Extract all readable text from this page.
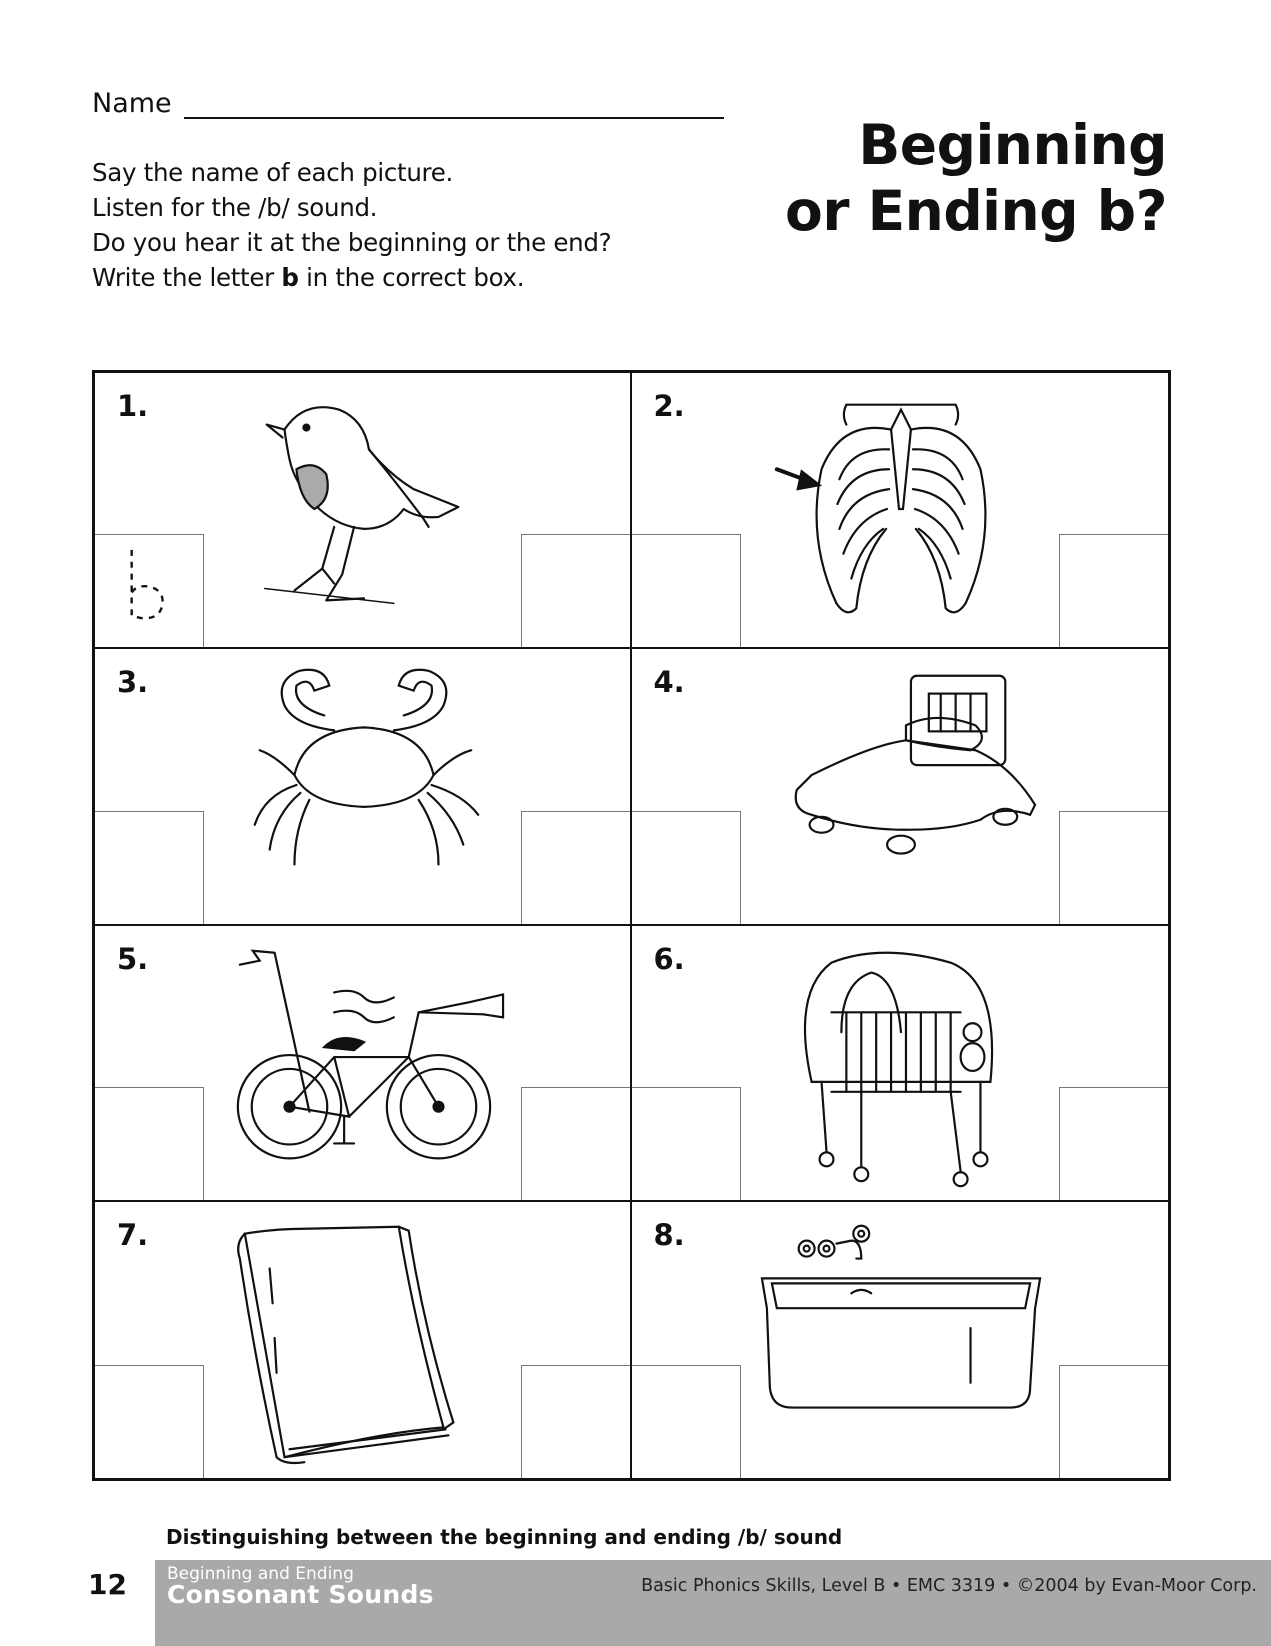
Name
Beginning
or Ending b?
Say the name of each picture.
Listen for the /b/ sound.
Do you hear it at the beginning or the end?
Write the letter b in the correct box.
1.	2.
3.	4.
5.	6.
7.	8.
Distinguishing between the beginning and ending /b/ sound
12 Beginning and Ending
Consonant Sounds	Basic Phonics Skills, Level B • EMC 3319 • ©2004 by Evan-Moor Corp.
